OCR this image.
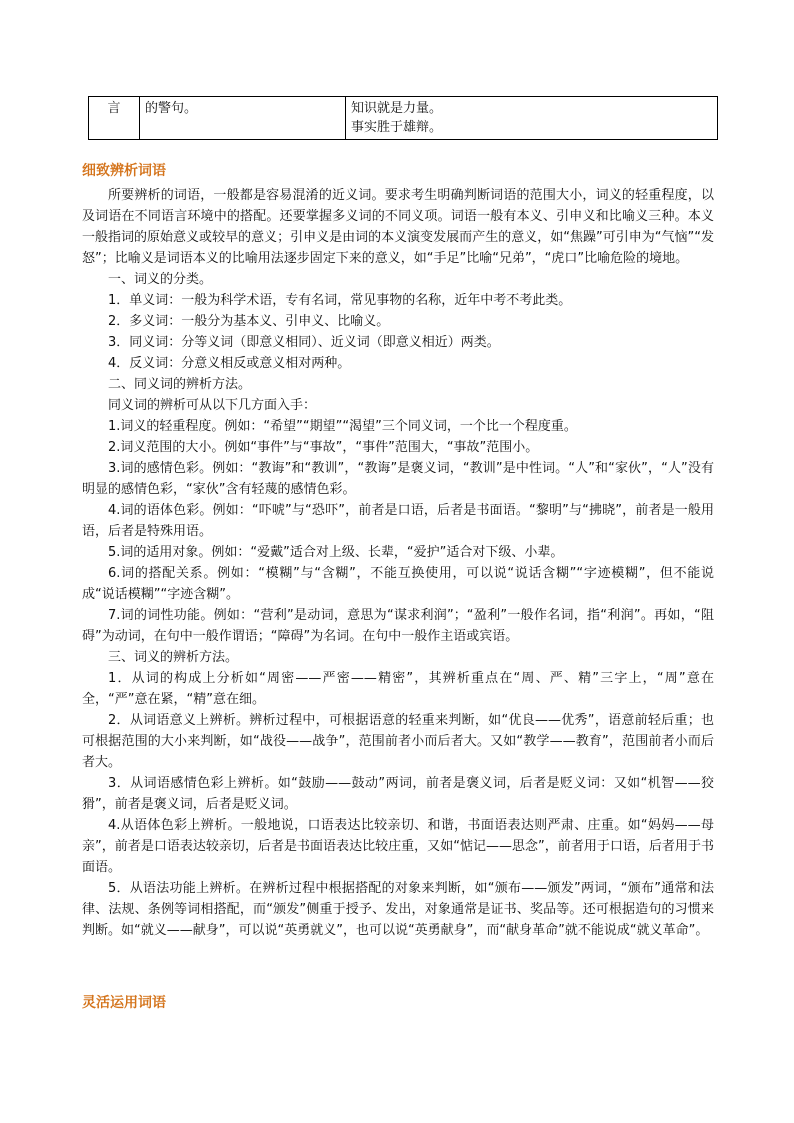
言	的警句。	知识就是力量。
事实胜于雄辩。
细致辨析词语

所要辨析的词语，一般都是容易混淆的近义词。要求考生明确判断词语的范围大小，词义的轻重程度，以及词语在不同语言环境中的搭配。还要掌握多义词的不同义项。词语一般有本义、引申义和比喻义三种。本义一般指词的原始意义或较早的意义；引申义是由词的本义演变发展而产生的意义，如“焦躁”可引申为“气恼”“发怒”；比喻义是词语本义的比喻用法逐步固定下来的意义，如“手足”比喻“兄弟”，“虎口”比喻危险的境地。

一、词义的分类。

1．单义词：一般为科学术语，专有名词，常见事物的名称，近年中考不考此类。

2．多义词：一般分为基本义、引申义、比喻义。

3．同义词：分等义词（即意义相同）、近义词（即意义相近）两类。

4．反义词：分意义相反或意义相对两种。

二、同义词的辨析方法。

同义词的辨析可从以下几方面入手：

1.词义的轻重程度。例如：“希望”“期望”“渴望”三个同义词，一个比一个程度重。

2.词义范围的大小。例如“事件”与“事故”，“事件”范围大，“事故”范围小。

3.词的感情色彩。例如：“教诲”和“教训”，“教诲”是褒义词，“教训”是中性词。“人”和“家伙”，“人”没有明显的感情色彩，“家伙”含有轻蔑的感情色彩。

4.词的语体色彩。例如：“吓唬”与“恐吓”，前者是口语，后者是书面语。“黎明”与“拂晓”，前者是一般用语，后者是特殊用语。

5.词的适用对象。例如：“爱戴”适合对上级、长辈，“爱护”适合对下级、小辈。

6.词的搭配关系。例如：“模糊”与“含糊”，不能互换使用，可以说“说话含糊”“字迹模糊”，但不能说成“说话模糊”“字迹含糊”。

7.词的词性功能。例如：“营利”是动词，意思为“谋求利润”；“盈利”一般作名词，指“利润”。再如，“阻碍”为动词，在句中一般作谓语；“障碍”为名词。在句中一般作主语或宾语。

三、词义的辨析方法。

1．从词的构成上分析如“周密——严密——精密”，其辨析重点在“周、严、精”三字上，“周”意在全，“严”意在紧，“精”意在细。

2．从词语意义上辨析。辨析过程中，可根据语意的轻重来判断，如“优良——优秀”，语意前轻后重；也可根据范围的大小来判断，如“战役——战争”，范围前者小而后者大。又如“教学——教育”，范围前者小而后者大。

3．从词语感情色彩上辨析。如“鼓励——鼓动”两词，前者是褒义词，后者是贬义词：又如“机智——狡猾”，前者是褒义词，后者是贬义词。

4.从语体色彩上辨析。一般地说，口语表达比较亲切、和谐，书面语表达则严肃、庄重。如“妈妈——母亲”，前者是口语表达较亲切，后者是书面语表达比较庄重，又如“惦记——思念”，前者用于口语，后者用于书面语。

5．从语法功能上辨析。在辨析过程中根据搭配的对象来判断，如“颁布——颁发”两词，“颁布”通常和法律、法规、条例等词相搭配，而“颁发”侧重于授予、发出，对象通常是证书、奖品等。还可根据造句的习惯来判断。如“就义——献身”，可以说“英勇就义”，也可以说“英勇献身”，而“献身革命”就不能说成“就义革命”。

灵活运用词语
